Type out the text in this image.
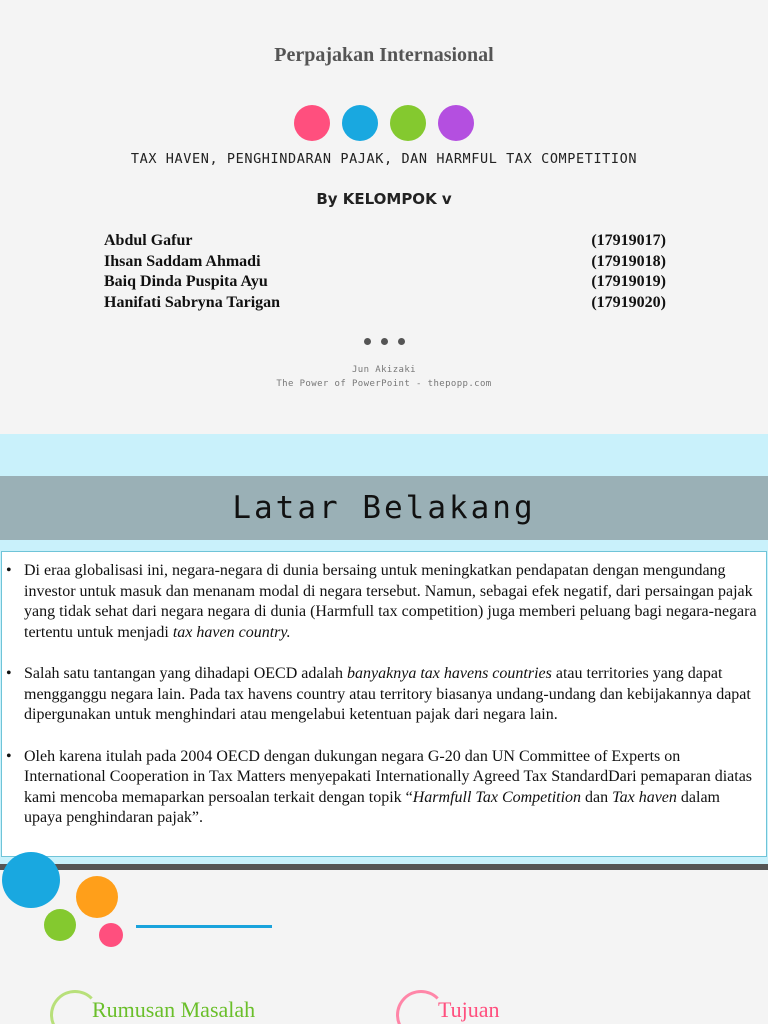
Perpajakan Internasional
TAX HAVEN, PENGHINDARAN PAJAK, DAN HARMFUL TAX COMPETITION
By KELOMPOK v
Abdul Gafur	(17919017)
Ihsan Saddam Ahmadi	(17919018)
Baiq Dinda Puspita Ayu	(17919019)
Hanifati Sabryna Tarigan	(17919020)
Jun Akizaki
The Power of PowerPoint - thepopp.com
Latar Belakang
• Di eraa globalisasi ini, negara-negara di dunia bersaing untuk meningkatkan pendapatan dengan mengundang investor untuk masuk dan menanam modal di negara tersebut. Namun, sebagai efek negatif, dari persaingan pajak yang tidak sehat dari negara negara di dunia (Harmfull tax competition) juga memberi peluang bagi negara-negara tertentu untuk menjadi tax haven country.
• Salah satu tantangan yang dihadapi OECD adalah banyaknya tax havens countries atau territories yang dapat mengganggu negara lain. Pada tax havens country atau territory biasanya undang-undang dan kebijakannya dapat dipergunakan untuk menghindari atau mengelabui ketentuan pajak dari negara lain.
• Oleh karena itulah pada 2004 OECD dengan dukungan negara G-20 dan UN Committee of Experts on International Cooperation in Tax Matters menyepakati Internationally Agreed Tax StandardDari pemaparan diatas kami mencoba memaparkan persoalan terkait dengan topik “Harmfull Tax Competition dan Tax haven dalam upaya penghindaran pajak”.
Rumusan Masalah	Tujuan
